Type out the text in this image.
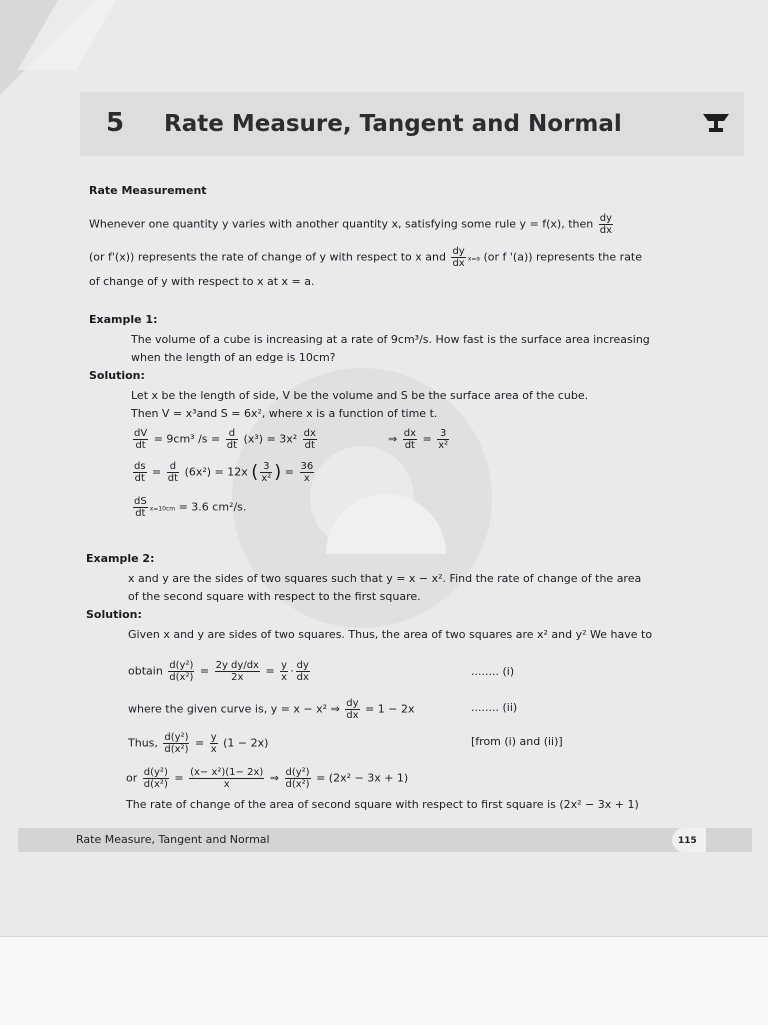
5 Rate Measure, Tangent and Normal
Rate Measurement
Whenever one quantity y varies with another quantity x, satisfying some rule y = f(x), then $\frac{dy}{dx}$
(or f'(x)) represents the rate of change of y with respect to x and $\frac{dy}{dx} x=a$ (or f '(a)) represents the rate
of change of y with respect to x at x = a.
Example 1:
The volume of a cube is increasing at a rate of 9cm³/s. How fast is the surface area increasing
when the length of an edge is 10cm?
Solution:
Let x be the length of side, V be the volume and S be the surface area of the cube.
Then V = x³and S = 6x², where x is a function of time t.
$\frac{dV}{dt} = 9cm^3$ $/s = \frac{d}{dt} (x^3) = 3x^2 \frac{dx}{dt}$	⇒ $\frac{dx}{dt} = \frac{3}{\text{x²}}$
$\frac{ds}{dt} = \frac{d}{dt} (6x^2) = 12x$ ( $\frac{3}{\text{x²}}$ ) = $\frac{36}{x}$
$\frac{dS}{dt} x=10cm = 3.6$ cm²/s.
Example 2:
x and y are the sides of two squares such that y = x − x². Find the rate of change of the area
of the second square with respect to the first square.
Solution:
Given x and y are sides of two squares. Thus, the area of two squares are x² and y² We have to
obtain $\frac{\text{d(y²)}}{\text{d(x²)}} = \frac{\text{2y dy/dx}}{2x} = \frac{y}{x} \cdot \frac{dy}{dx}$	........ (i)
where the given curve is, y = x − x² ⇒ $\frac{dy}{dx} = 1 - 2x$	........ (ii)
Thus, $\frac{\text{d(y²)}}{\text{d(x²)}} = \frac{y}{x} (1 - 2x)$	[from (i) and (ii)]
or $\frac{\text{d(y²)}}{\text{d(x²)}} = \frac{\text{(x− x²)(1− 2x)}}{x}$ ⇒ $\frac{\text{d(y²)}}{\text{d(x²)}} = (2x^2 - 3x + 1)$
The rate of change of the area of second square with respect to first square is (2x² − 3x + 1)
Rate Measure, Tangent and Normal	115
